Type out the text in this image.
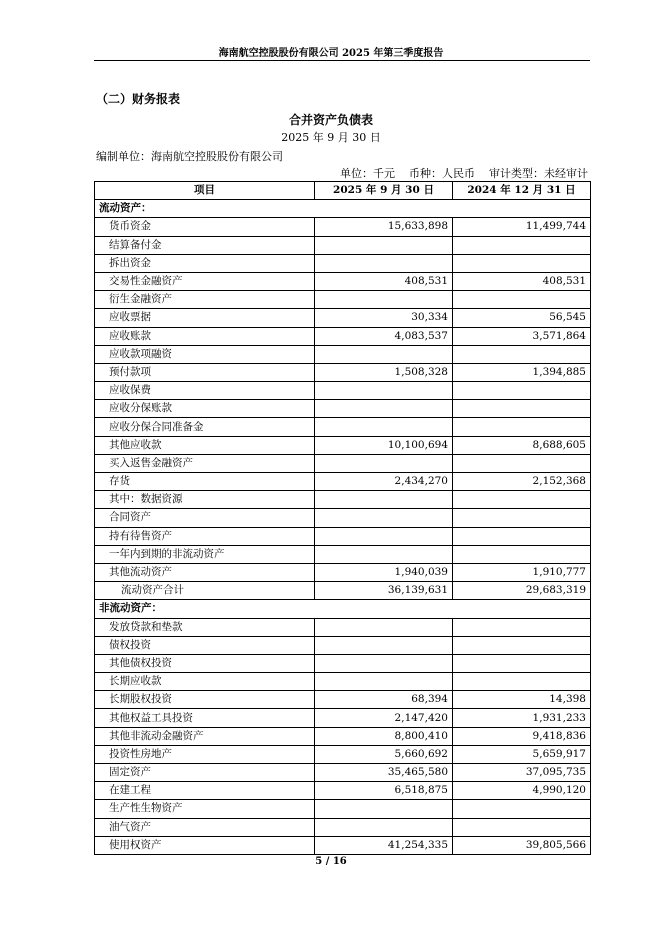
海南航空控股股份有限公司 2025 年第三季度报告
（二）财务报表
合并资产负债表
2025 年 9 月 30 日
编制单位：海南航空控股股份有限公司
单位：千元    币种：人民币    审计类型：未经审计
项目	2025 年 9 月 30 日	2024 年 12 月 31 日
流动资产：		
货币资金	15,633,898	11,499,744
结算备付金		
拆出资金		
交易性金融资产	408,531	408,531
衍生金融资产		
应收票据	30,334	56,545
应收账款	4,083,537	3,571,864
应收款项融资		
预付款项	1,508,328	1,394,885
应收保费		
应收分保账款		
应收分保合同准备金		
其他应收款	10,100,694	8,688,605
买入返售金融资产		
存货	2,434,270	2,152,368
其中：数据资源		
合同资产		
持有待售资产		
一年内到期的非流动资产		
其他流动资产	1,940,039	1,910,777
流动资产合计	36,139,631	29,683,319
非流动资产：		
发放贷款和垫款		
债权投资		
其他债权投资		
长期应收款		
长期股权投资	68,394	14,398
其他权益工具投资	2,147,420	1,931,233
其他非流动金融资产	8,800,410	9,418,836
投资性房地产	5,660,692	5,659,917
固定资产	35,465,580	37,095,735
在建工程	6,518,875	4,990,120
生产性生物资产		
油气资产		
使用权资产	41,254,335	39,805,566
5 / 16
